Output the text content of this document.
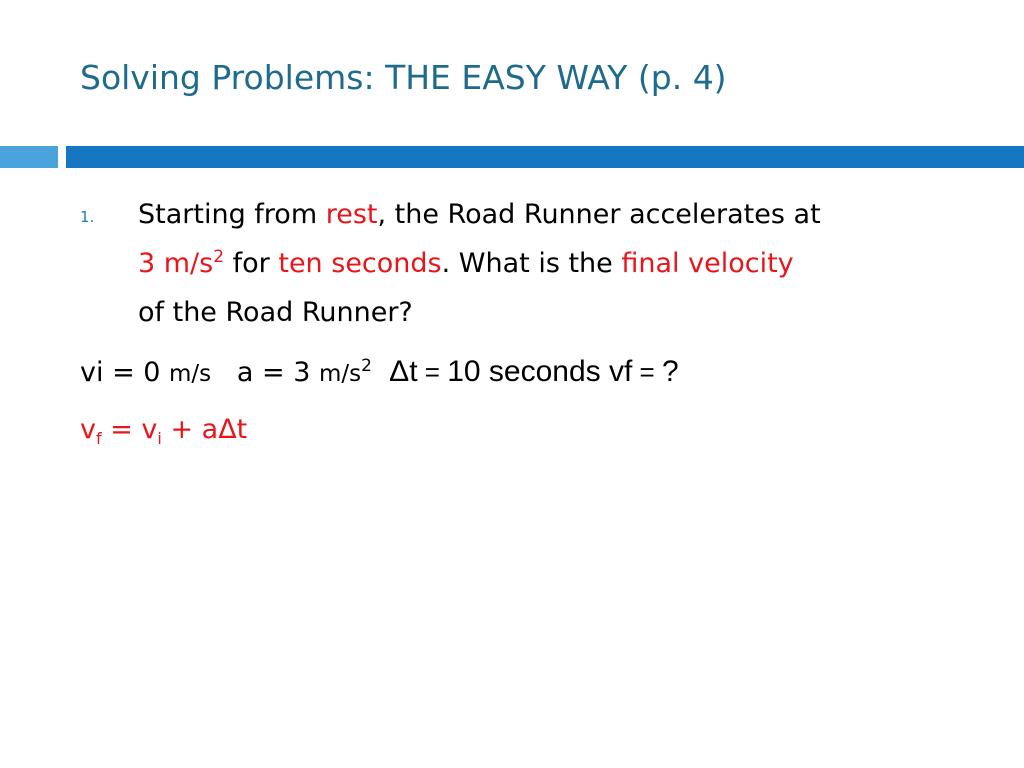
Solving Problems: THE EASY WAY (p. 4)
1. Starting from rest, the Road Runner accelerates at
3 $m/s^2$ for ten seconds. What is the final velocity
of the Road Runner?
vi = 0 m/s a = 3 $m/s^2$ Δt = 10 seconds vf = ?
$v_f = v_i + a\Delta t$
